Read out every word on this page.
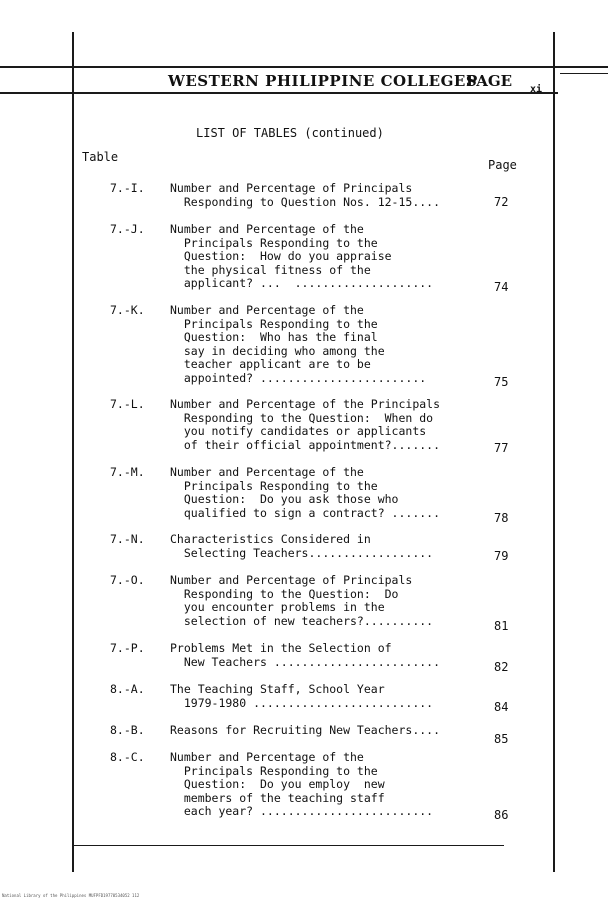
WESTERN PHILIPPINE COLLEGES
PAGE xi
LIST OF TABLES (continued)
Table
Page
7.-I.	Number and Percentage of Principals
Responding to Question Nos. 12-15....	72
7.-J.	Number and Percentage of the
Principals Responding to the
Question:  How do you appraise
the physical fitness of the
applicant? ...  ....................	74
7.-K.	Number and Percentage of the
Principals Responding to the
Question:  Who has the final
say in deciding who among the
teacher applicant are to be
appointed? ........................	75
7.-L.	Number and Percentage of the Principals
Responding to the Question:  When do
you notify candidates or applicants
of their official appointment?.......	77
7.-M.	Number and Percentage of the
Principals Responding to the
Question:  Do you ask those who
qualified to sign a contract? .......	78
7.-N.	Characteristics Considered in
Selecting Teachers..................	79
7.-O.	Number and Percentage of Principals
Responding to the Question:  Do
you encounter problems in the
selection of new teachers?..........	81
7.-P.	Problems Met in the Selection of
New Teachers ........................	82
8.-A.	The Teaching Staff, School Year
1979-1980 ..........................	84
8.-B.	Reasons for Recruiting New Teachers....
85
8.-C.	Number and Percentage of the
Principals Responding to the
Question:  Do you employ  new
members of the teaching staff
each year? .........................	86
National Library of the Philippines MUFPFD19770534052 112
